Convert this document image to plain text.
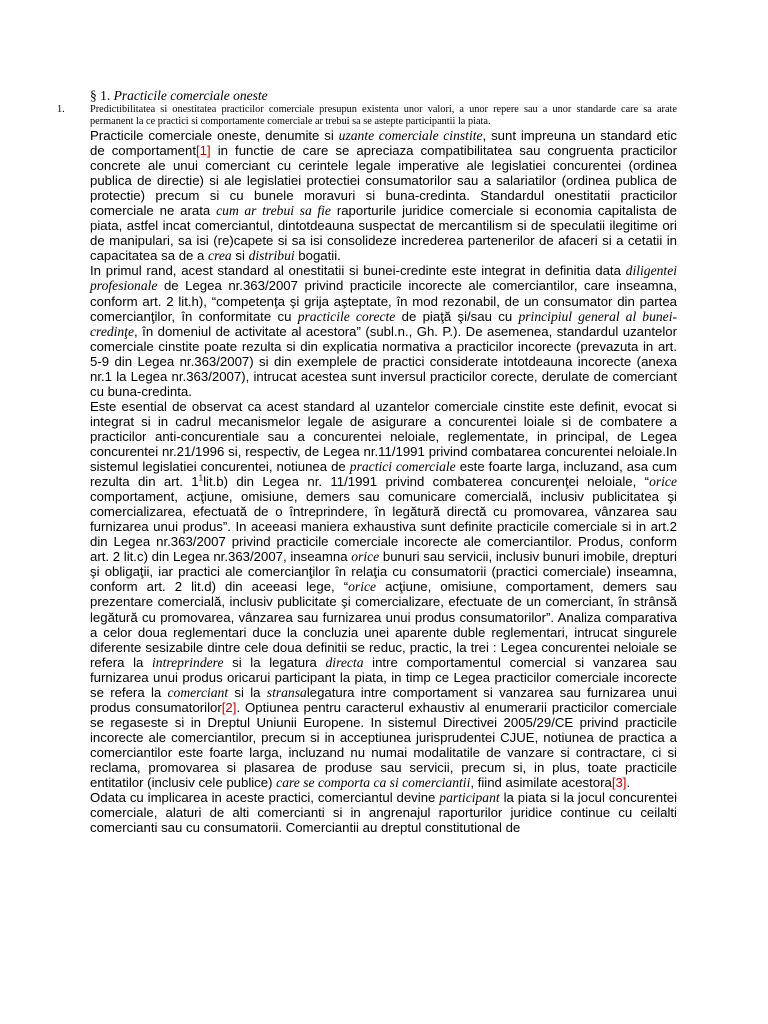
§ 1. Practicile comerciale oneste
1. Predictibilitatea si onestitatea practicilor comerciale presupun existenta unor valori, a unor repere sau a unor standarde care sa arate permanent la ce practici si comportamente comerciale ar trebui sa se astepte participantii la piata.

Practicile comerciale oneste, denumite si uzante comerciale cinstite, sunt impreuna un standard etic de comportament[1] in functie de care se apreciaza compatibilitatea sau congruenta practicilor concrete ale unui comerciant cu cerintele legale imperative ale legislatiei concurentei (ordinea publica de directie) si ale legislatiei protectiei consumatorilor sau a salariatilor (ordinea publica de protectie) precum si cu bunele moravuri si buna-credinta. Standardul onestitatii practicilor comerciale ne arata cum ar trebui sa fie raporturile juridice comerciale si economia capitalista de piata, astfel incat comerciantul, dintotdeauna suspectat de mercantilism si de speculatii ilegitime ori de manipulari, sa isi (re)capete si sa isi consolideze increderea partenerilor de afaceri si a cetatii in capacitatea sa de a crea si distribui bogatii.

In primul rand, acest standard al onestitatii si bunei-credinte este integrat in definitia data diligentei profesionale de Legea nr.363/2007 privind practicile incorecte ale comerciantilor, care inseamna, conform art. 2 lit.h), “competenţa şi grija aşteptate, în mod rezonabil, de un consumator din partea comercianţilor, în conformitate cu practicile corecte de piaţă şi/sau cu principiul general al bunei-credinţe, în domeniul de activitate al acestora” (subl.n., Gh. P.). De asemenea, standardul uzantelor comerciale cinstite poate rezulta si din explicatia normativa a practicilor incorecte (prevazuta in art. 5-9 din Legea nr.363/2007) si din exemplele de practici considerate intotdeauna incorecte (anexa nr.1 la Legea nr.363/2007), intrucat acestea sunt inversul practicilor corecte, derulate de comerciant cu buna-credinta.

Este esential de observat ca acest standard al uzantelor comerciale cinstite este definit, evocat si integrat si in cadrul mecanismelor legale de asigurare a concurentei loiale si de combatere a practicilor anti-concurentiale sau a concurentei neloiale, reglementate, in principal, de Legea concurentei nr.21/1996 si, respectiv, de Legea nr.11/1991 privind combatarea concurentei neloiale.In sistemul legislatiei concurentei, notiunea de practici comerciale este foarte larga, incluzand, asa cum rezulta din art. $1^1lit.b$) din Legea nr. 11/1991 privind combaterea concurenţei neloiale, “orice comportament, acţiune, omisiune, demers sau comunicare comercială, inclusiv publicitatea şi comercializarea, efectuată de o întreprindere, în legătură directă cu promovarea, vânzarea sau furnizarea unui produs”. In aceeasi maniera exhaustiva sunt definite practicile comerciale si in art.2 din Legea nr.363/2007 privind practicile comerciale incorecte ale comerciantilor. Produs, conform art. 2 lit.c) din Legea nr.363/2007, inseamna orice bunuri sau servicii, inclusiv bunuri imobile, drepturi şi obligaţii, iar practici ale comercianţilor în relaţia cu consumatorii (practici comerciale) inseamna, conform art. 2 lit.d) din aceeasi lege, “orice acţiune, omisiune, comportament, demers sau prezentare comercială, inclusiv publicitate şi comercializare, efectuate de un comerciant, în strânsă legătură cu promovarea, vânzarea sau furnizarea unui produs consumatorilor”. Analiza comparativa a celor doua reglementari duce la concluzia unei aparente duble reglementari, intrucat singurele diferente sesizabile dintre cele doua definitii se reduc, practic, la trei : Legea concurentei neloiale se refera la intreprindere si la legatura directa intre comportamentul comercial si vanzarea sau furnizarea unui produs oricarui participant la piata, in timp ce Legea practicilor comerciale incorecte se refera la comerciant si la stransalegatura intre comportament si vanzarea sau furnizarea unui produs consumatorilor[2]. Optiunea pentru caracterul exhaustiv al enumerarii practicilor comerciale se regaseste si in Dreptul Uniunii Europene. In sistemul Directivei 2005/29/CE privind practicile incorecte ale comerciantilor, precum si in acceptiunea jurisprudentei CJUE, notiunea de practica a comerciantilor este foarte larga, incluzand nu numai modalitatile de vanzare si contractare, ci si reclama, promovarea si plasarea de produse sau servicii, precum si, in plus, toate practicile entitatilor (inclusiv cele publice) care se comporta ca si comerciantii, fiind asimilate acestora[3].

Odata cu implicarea in aceste practici, comerciantul devine participant la piata si la jocul concurentei comerciale, alaturi de alti comercianti si in angrenajul raporturilor juridice continue cu ceilalti comercianti sau cu consumatorii. Comerciantii au dreptul constitutional de
